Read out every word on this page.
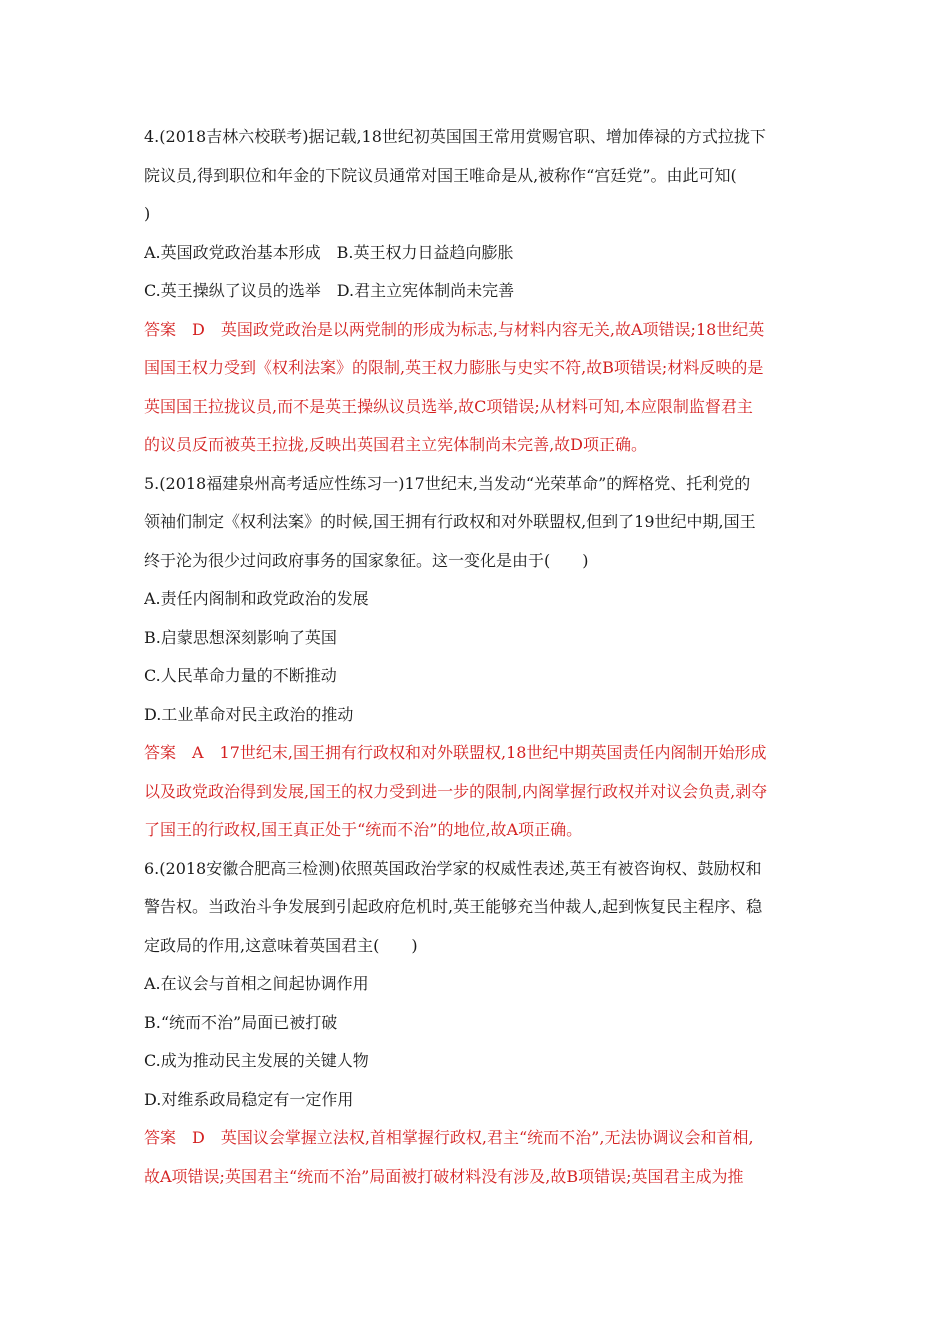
4.(2018吉林六校联考)据记载,18世纪初英国国王常用赏赐官职、增加俸禄的方式拉拢下
院议员,得到职位和年金的下院议员通常对国王唯命是从,被称作“宫廷党”。由此可知(
)
A.英国政党政治基本形成　B.英王权力日益趋向膨胀
C.英王操纵了议员的选举　D.君主立宪体制尚未完善
答案　D　英国政党政治是以两党制的形成为标志,与材料内容无关,故A项错误;18世纪英
国国王权力受到《权利法案》的限制,英王权力膨胀与史实不符,故B项错误;材料反映的是
英国国王拉拢议员,而不是英王操纵议员选举,故C项错误;从材料可知,本应限制监督君主
的议员反而被英王拉拢,反映出英国君主立宪体制尚未完善,故D项正确。
5.(2018福建泉州高考适应性练习一)17世纪末,当发动“光荣革命”的辉格党、托利党的
领袖们制定《权利法案》的时候,国王拥有行政权和对外联盟权,但到了19世纪中期,国王
终于沦为很少过问政府事务的国家象征。这一变化是由于(　　)
A.责任内阁制和政党政治的发展
B.启蒙思想深刻影响了英国
C.人民革命力量的不断推动
D.工业革命对民主政治的推动
答案　A　17世纪末,国王拥有行政权和对外联盟权,18世纪中期英国责任内阁制开始形成
以及政党政治得到发展,国王的权力受到进一步的限制,内阁掌握行政权并对议会负责,剥夺
了国王的行政权,国王真正处于“统而不治”的地位,故A项正确。
6.(2018安徽合肥高三检测)依照英国政治学家的权威性表述,英王有被咨询权、鼓励权和
警告权。当政治斗争发展到引起政府危机时,英王能够充当仲裁人,起到恢复民主程序、稳
定政局的作用,这意味着英国君主(　　)
A.在议会与首相之间起协调作用
B.“统而不治”局面已被打破
C.成为推动民主发展的关键人物
D.对维系政局稳定有一定作用
答案　D　英国议会掌握立法权,首相掌握行政权,君主“统而不治”,无法协调议会和首相,
故A项错误;英国君主“统而不治”局面被打破材料没有涉及,故B项错误;英国君主成为推
